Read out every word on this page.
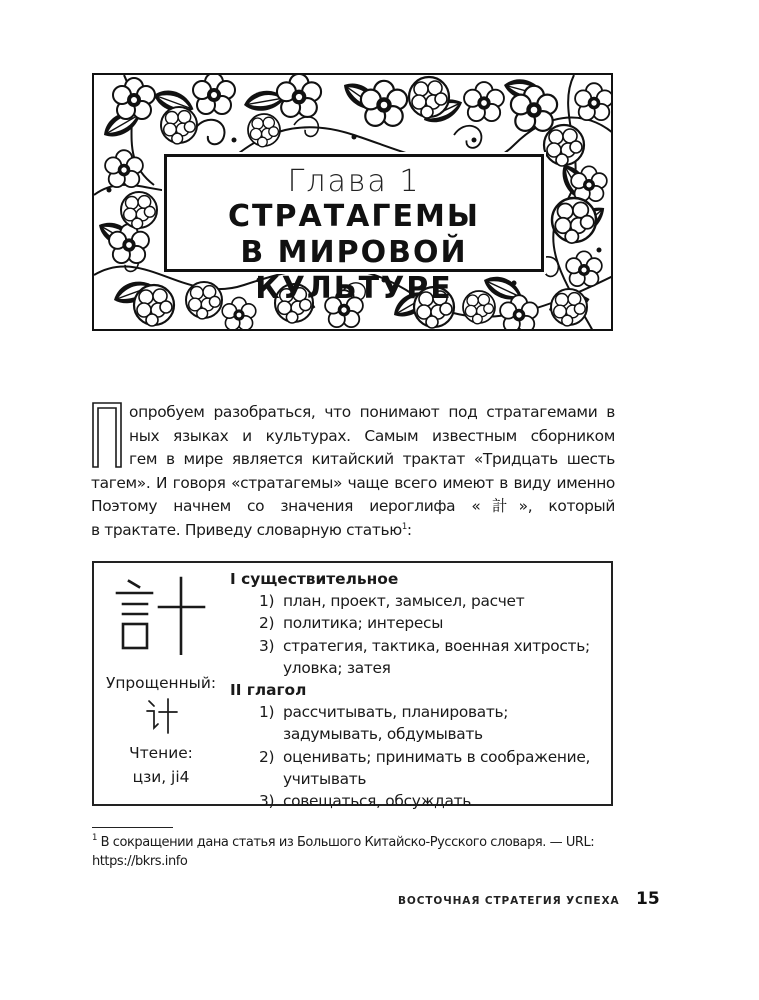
Глава 1
СТРАТАГЕМЫ
В МИРОВОЙ КУЛЬТУРЕ
опробуем разобраться, что понимают под стратагемами в
ных языках и культурах. Самым известным сборником
гем в мире является китайский трактат «Тридцать шесть
тагем». И говоря «стратагемы» чаще всего имеют в виду именно
Поэтому начнем со значения иероглифа «計», который
в трактате. Приведу словарную статью$^1$:
Упрощенный:
Чтение:
цзи, ji4
I существительное
1) план, проект, замысел, расчет
2) политика; интересы
3) стратегия, тактика, военная хитрость; уловка; затея
II глагол
1) рассчитывать, планировать; задумывать, обдумывать
2) оценивать; принимать в соображение, учитывать
3) совещаться, обсуждать
$^1$ В сокращении дана статья из Большого Китайско-Русского словаря. — URL:
https://bkrs.info
ВОСТОЧНАЯ СТРАТЕГИЯ УСПЕХА 15
